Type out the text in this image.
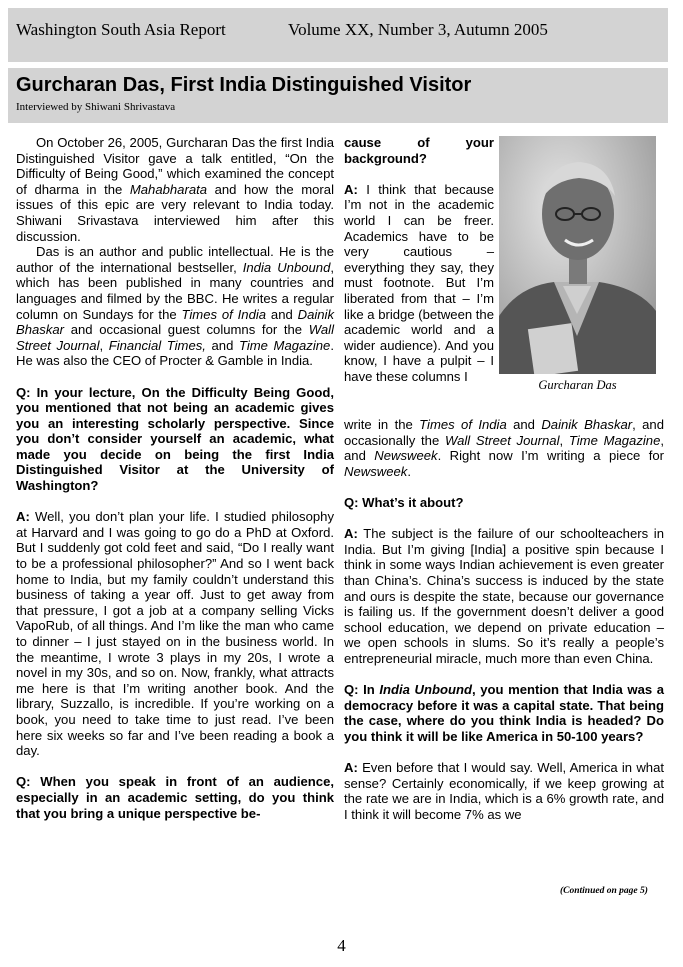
Washington South Asia Report	Volume XX, Number 3, Autumn 2005
Gurcharan Das, First India Distinguished Visitor
Interviewed by Shiwani Shrivastava

On October 26, 2005, Gurcharan Das the first India Distinguished Visitor gave a talk entitled, “On the Difficulty of Being Good,” which examined the concept of dharma in the Mahabharata and how the moral issues of this epic are very relevant to India today. Shiwani Srivastava interviewed him after this discussion.

Das is an author and public intellectual. He is the author of the international bestseller, India Unbound, which has been published in many countries and languages and filmed by the BBC. He writes a regular column on Sundays for the Times of India and Dainik Bhaskar and occasional guest columns for the Wall Street Journal, Financial Times, and Time Magazine. He was also the CEO of Procter & Gamble in India.

Q: In your lecture, On the Difficulty Being Good, you mentioned that not being an academic gives you an interesting scholarly perspective. Since you don’t consider yourself an academic, what made you decide on being the first India Distinguished Visitor at the University of Washington?

A: Well, you don’t plan your life. I studied philosophy at Harvard and I was going to go do a PhD at Oxford. But I suddenly got cold feet and said, “Do I really want to be a professional philosopher?” And so I went back home to India, but my family couldn’t understand this business of taking a year off. Just to get away from that pressure, I got a job at a company selling Vicks VapoRub, of all things. And I’m like the man who came to dinner – I just stayed on in the business world. In the meantime, I wrote 3 plays in my 20s, I wrote a novel in my 30s, and so on. Now, frankly, what attracts me here is that I’m writing another book. And the library, Suzzallo, is incredible. If you’re working on a book, you need to take time to just read. I’ve been here six weeks so far and I’ve been reading a book a day.

Q: When you speak in front of an audience, especially in an academic setting, do you think that you bring a unique perspective be-

cause of your background?

A: I think that because I’m not in the academic world I can be freer. Academics have to be very cautious – everything they say, they must footnote. But I’m liberated from that – I’m like a bridge (between the academic world and a wider audience). And you know, I have a pulpit – I have these columns I

Gurcharan Das

write in the Times of India and Dainik Bhaskar, and occasionally the Wall Street Journal, Time Magazine, and Newsweek. Right now I’m writing a piece for Newsweek.

Q: What’s it about?

A: The subject is the failure of our schoolteachers in India. But I’m giving [India] a positive spin because I think in some ways Indian achievement is even greater than China’s. China’s success is induced by the state and ours is despite the state, because our governance is failing us. If the government doesn’t deliver a good school education, we depend on private education – we open schools in slums. So it’s really a people’s entrepreneurial miracle, much more than even China.

Q: In India Unbound, you mention that India was a democracy before it was a capital state. That being the case, where do you think India is headed? Do you think it will be like America in 50-100 years?

A: Even before that I would say. Well, America in what sense? Certainly economically, if we keep growing at the rate we are in India, which is a 6% growth rate, and I think it will become 7% as we

(Continued on page 5)
4
